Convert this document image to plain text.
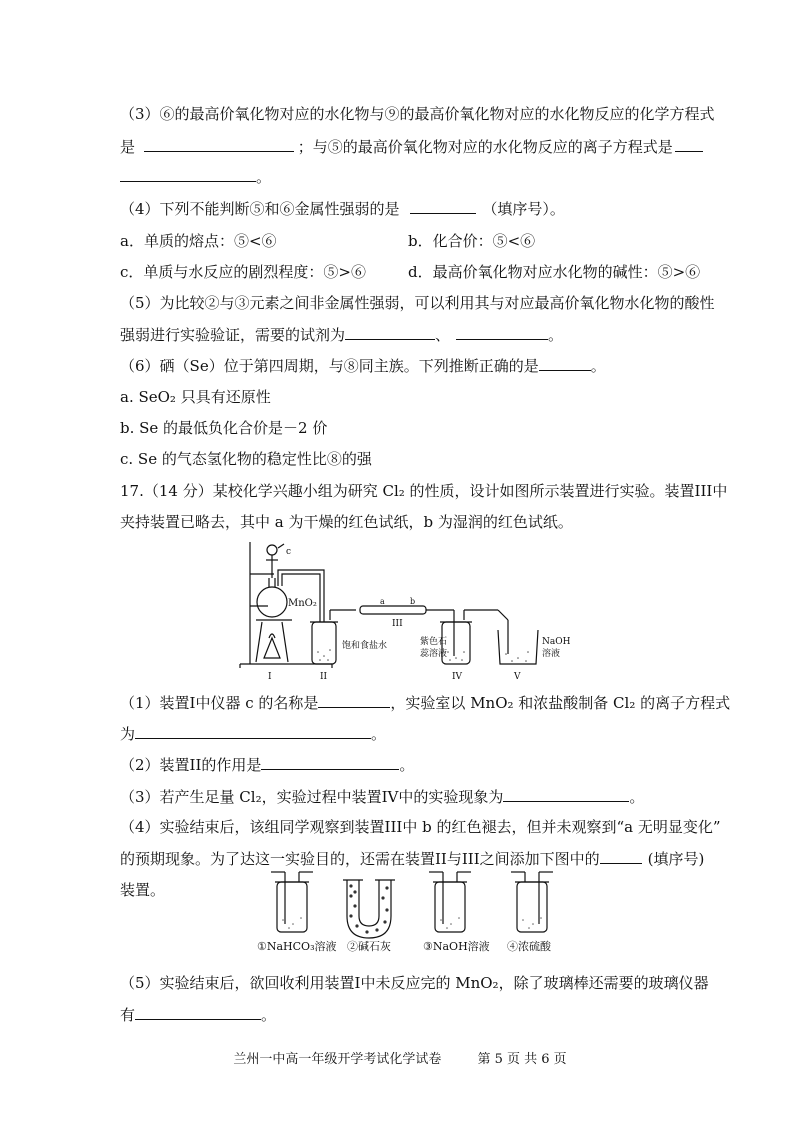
（3）⑥的最高价氧化物对应的水化物与⑨的最高价氧化物对应的水化物反应的化学方程式
是	；与⑤的最高价氧化物对应的水化物反应的离子方程式是
。
（4）下列不能判断⑤和⑥金属性强弱的是	（填序号）。
a．单质的熔点：⑤<⑥	b．化合价：⑤<⑥
c．单质与水反应的剧烈程度：⑤>⑥	d．最高价氧化物对应水化物的碱性：⑤>⑥
（5）为比较②与③元素之间非金属性强弱，可以利用其与对应最高价氧化物水化物的酸性
强弱进行实验验证，需要的试剂为	、	。
（6）硒（Se）位于第四周期，与⑧同主族。下列推断正确的是	。
a. SeO₂ 只具有还原性
b. Se 的最低负化合价是－2 价
c. Se 的气态氢化物的稳定性比⑧的强
17.（14 分）某校化学兴趣小组为研究 Cl₂ 的性质，设计如图所示装置进行实验。装置III中
夹持装置已略去，其中 a 为干燥的红色试纸，b 为湿润的红色试纸。
c
MnO₂	a	b
饱和食盐水	紫色石
蕊溶液
NaOH
溶液
I	II
III
IV	V
（1）装置I中仪器 c 的名称是	，实验室以 MnO₂ 和浓盐酸制备 Cl₂ 的离子方程式
为	。
（2）装置II的作用是	。
（3）若产生足量 Cl₂，实验过程中装置IV中的实验现象为	。
（4）实验结束后，该组同学观察到装置III中 b 的红色褪去，但并未观察到“a 无明显变化”
的预期现象。为了达这一实验目的，还需在装置II与III之间添加下图中的	(填序号)
装置。
①NaHCO₃溶液 ②碱石灰	③NaOH溶液 ④浓硫酸
（5）实验结束后，欲回收利用装置I中未反应完的 MnO₂，除了玻璃棒还需要的玻璃仪器
有	。
兰州一中高一年级开学考试化学试卷	第 5 页 共 6 页
